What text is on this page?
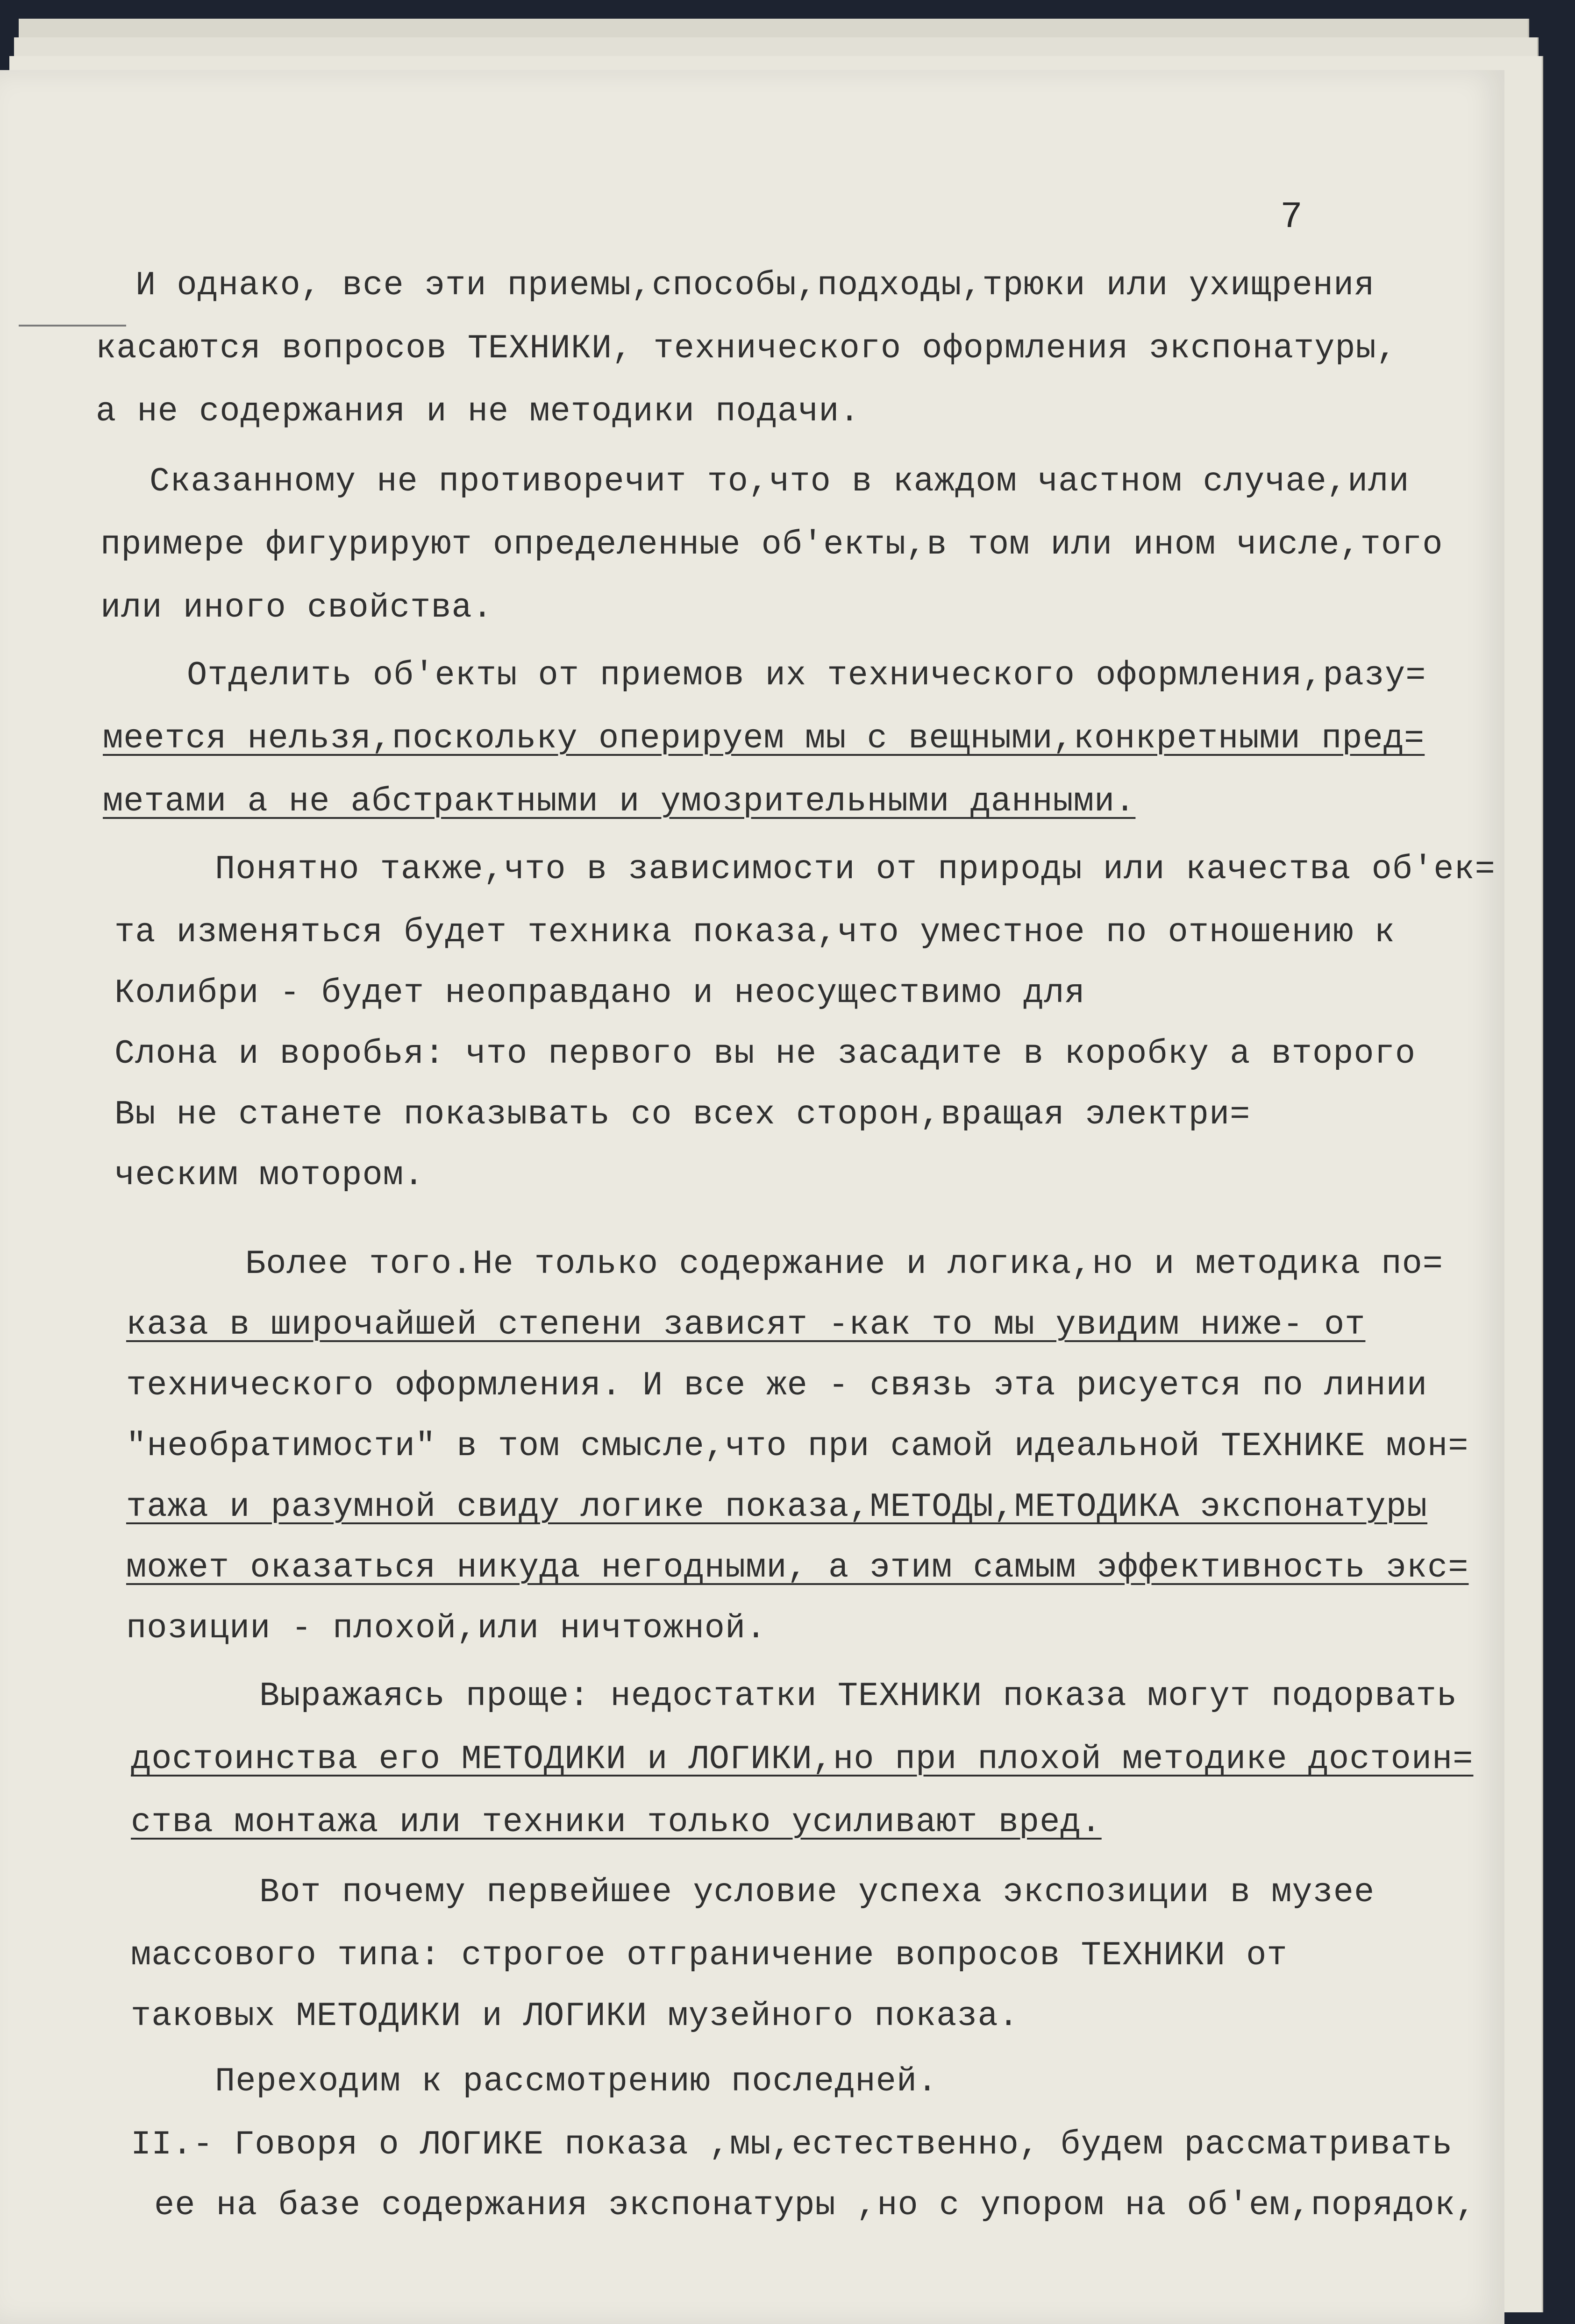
7
И однако, все эти приемы,способы,подходы,трюки или ухищрения
касаются вопросов ТЕХНИКИ, технического оформления экспонатуры,
а не содержания и не методики подачи.
Сказанному не противоречит то,что в каждом частном случае,или
примере фигурируют определенные об'екты,в том или ином числе,того
или иного свойства.
Отделить об'екты от приемов их технического оформления,разу=
меется нельзя,поскольку оперируем мы с вещными,конкретными пред=
метами а не абстрактными и умозрительными данными.
Понятно также,что в зависимости от природы или качества об'ек=
та изменяться будет техника показа,что уместное по отношению к
Колибри - будет неоправдано и неосуществимо для
Слона и воробья: что первого вы не засадите в коробку а второго
Вы не станете показывать со всех сторон,вращая электри=
ческим мотором.
Более того.Не только содержание и логика,но и методика по=
каза в широчайшей степени зависят -как то мы увидим ниже- от
технического оформления. И все же - связь эта рисуется по линии
"необратимости" в том смысле,что при самой идеальной ТЕХНИКЕ мон=
тажа и разумной свиду логике показа,МЕТОДЫ,МЕТОДИКА экспонатуры
может оказаться никуда негодными, а этим самым эффективность экс=
позиции - плохой,или ничтожной.
Выражаясь проще: недостатки ТЕХНИКИ показа могут подорвать
достоинства его МЕТОДИКИ и ЛОГИКИ,но при плохой методике достоин=
ства монтажа или техники только усиливают вред.
Вот почему первейшее условие успеха экспозиции в музее
массового типа: строгое отграничение вопросов ТЕХНИКИ от
таковых МЕТОДИКИ и ЛОГИКИ музейного показа.
Переходим к рассмотрению последней.
II.- Говоря о ЛОГИКЕ показа ,мы,естественно, будем рассматривать
ее на базе содержания экспонатуры ,но с упором на об'ем,порядок,
